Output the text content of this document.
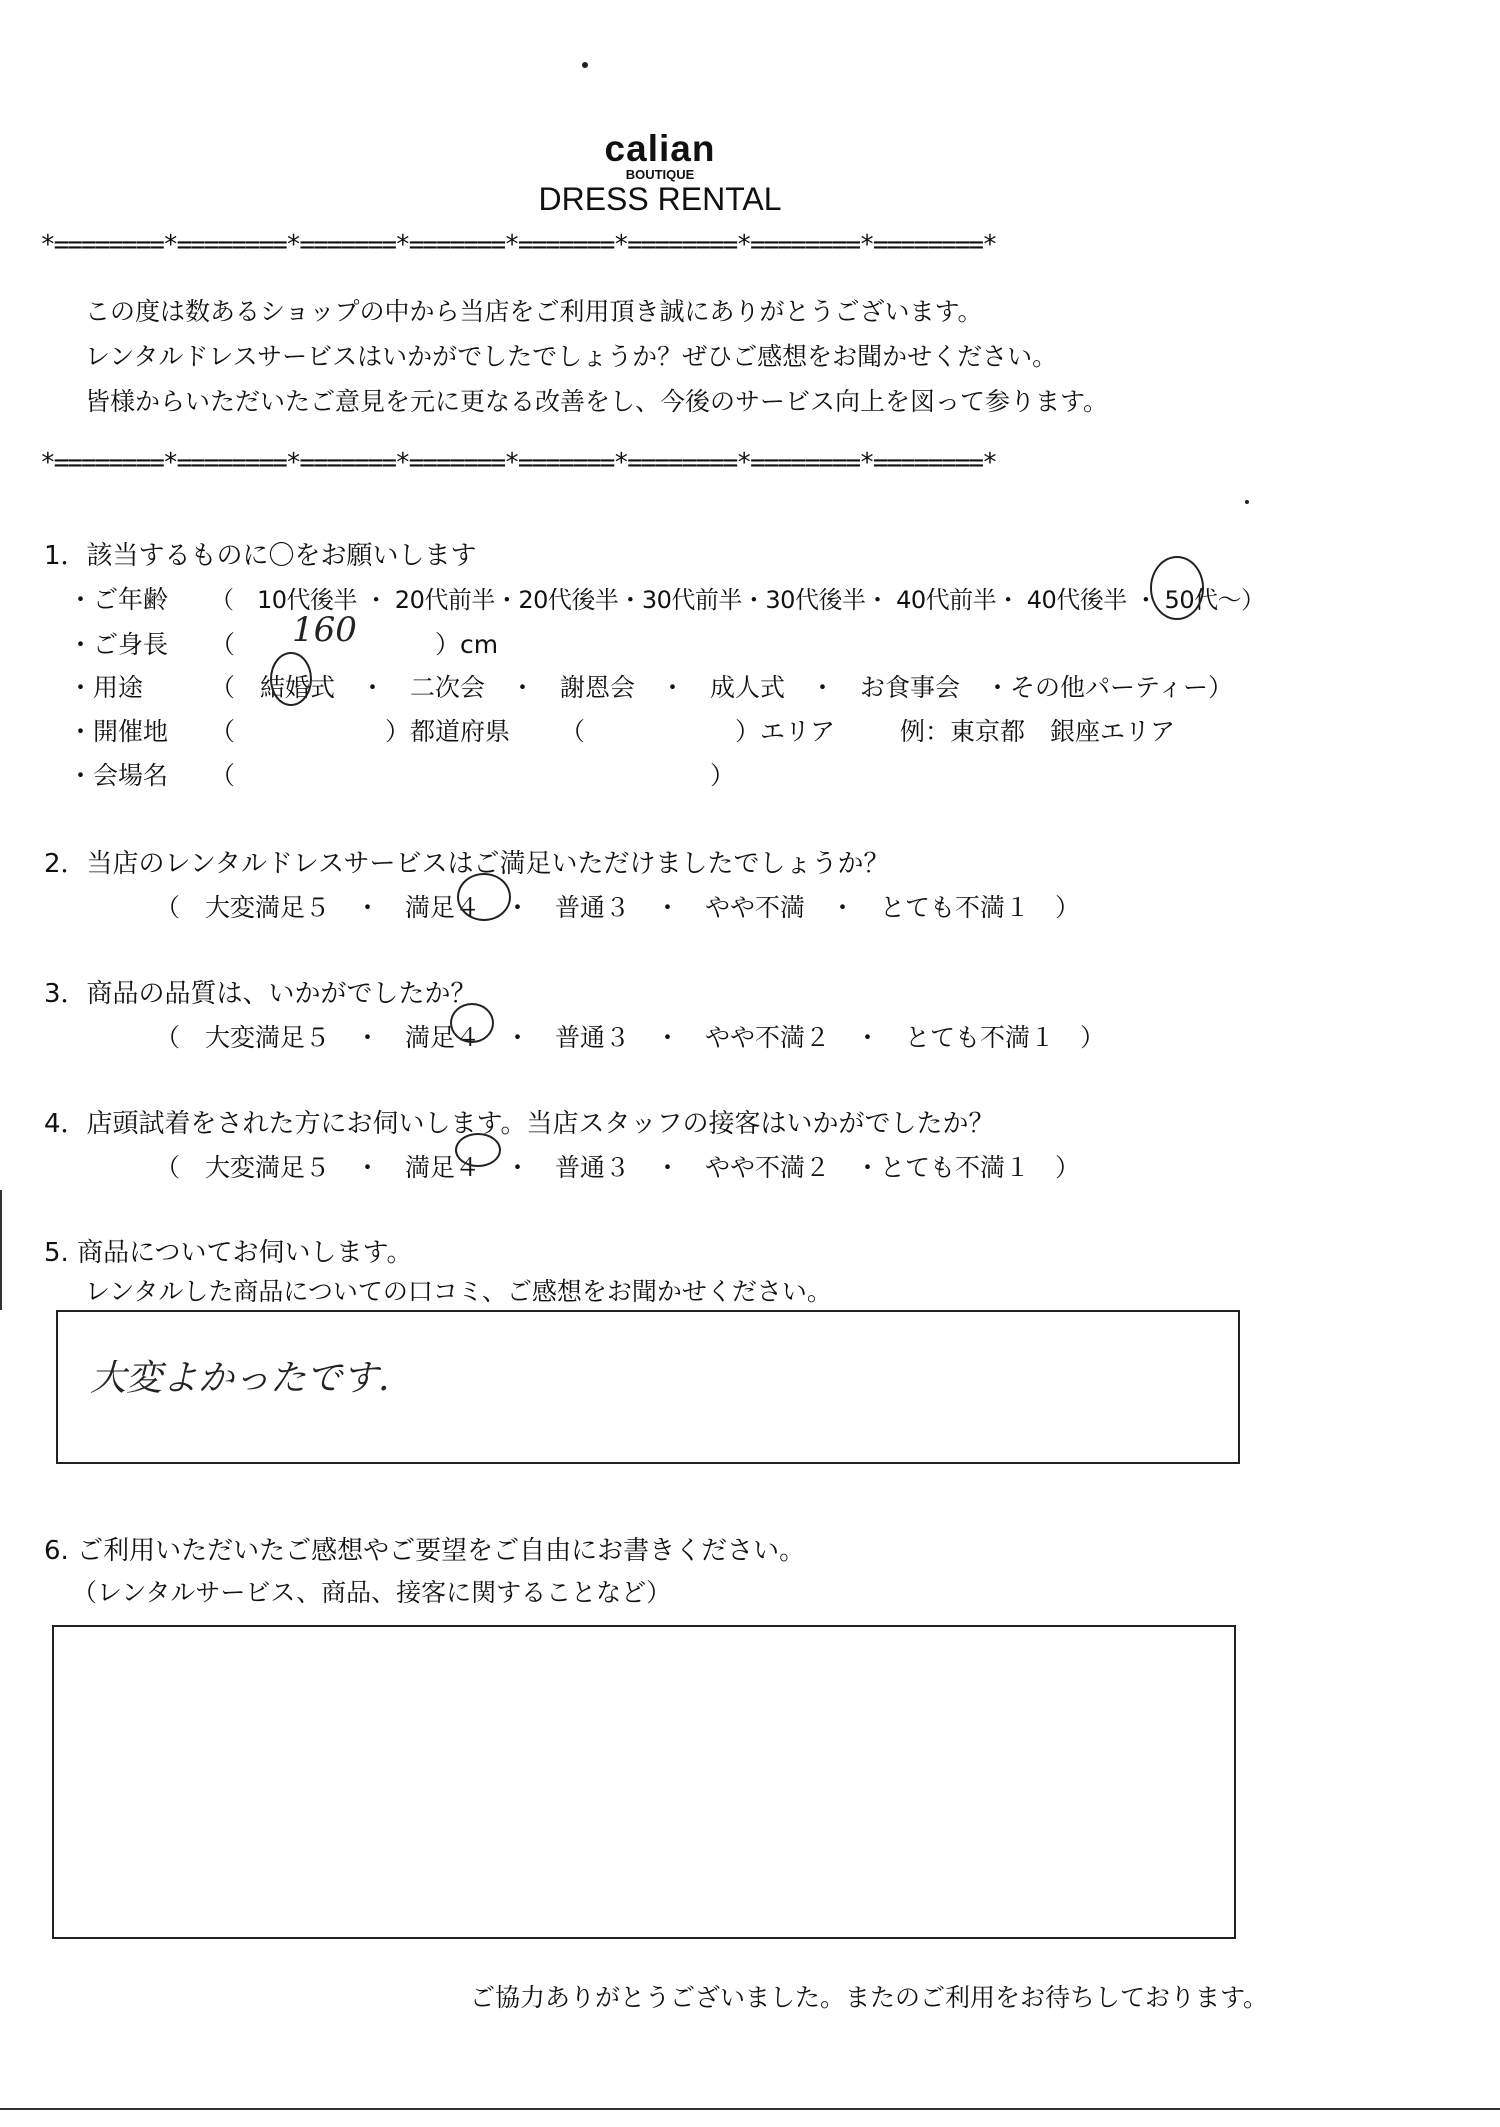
calian
BOUTIQUE
DRESS RENTAL
*========*========*=======*=======*=======*========*========*========*
*========*========*=======*=======*=======*========*========*========*
この度は数あるショップの中から当店をご利用頂き誠にありがとうございます。
レンタルドレスサービスはいかがでしたでしょうか？ぜひご感想をお聞かせください。
皆様からいただいたご意見を元に更なる改善をし、今後のサービス向上を図って参ります。
1．該当するものに〇をお願いします
・ご年齢 （　10代後半 ・ 20代前半・20代後半・30代前半・30代後半・ 40代前半・ 40代後半 ・ 50代〜）
・ご身長 （ 160	）cm
・用途	（　結婚式　・　二次会　・　謝恩会　・　成人式　・　お食事会　・その他パーティー）
・開催地 （	）都道府県 （	）エリア	例：東京都　銀座エリア
・会場名 （	）
2．当店のレンタルドレスサービスはご満足いただけましたでしょうか？
（　大変満足５　・　満足４　・　普通３　・　やや不満　・　とても不満１　）
3．商品の品質は、いかがでしたか？
（　大変満足５　・　満足４　・　普通３　・　やや不満２　・　とても不満１　）
4．店頭試着をされた方にお伺いします。当店スタッフの接客はいかがでしたか？
（　大変満足５　・　満足４　・　普通３　・　やや不満２　・とても不満１　）
5. 商品についてお伺いします。
レンタルした商品についての口コミ、ご感想をお聞かせください。
大変よかったです.
6. ご利用いただいたご感想やご要望をご自由にお書きください。
（レンタルサービス、商品、接客に関することなど）
ご協力ありがとうございました。またのご利用をお待ちしております。
